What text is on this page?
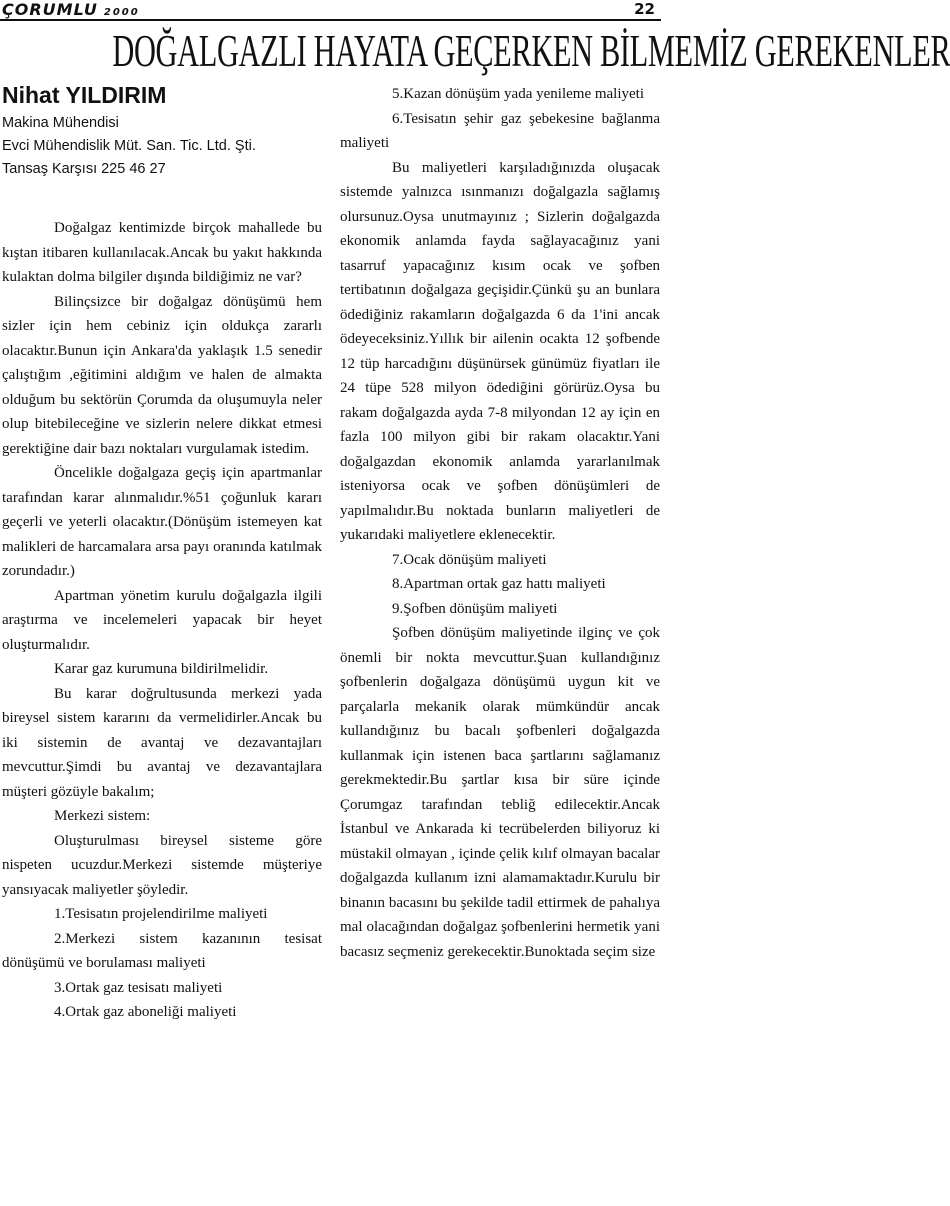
ÇORUMLU 2000	22
DOĞALGAZLI HAYATA GEÇERKEN BİLMEMİZ GEREKENLER

Nihat YILDIRIM

Makina Mühendisi

Evci Mühendislik Müt. San. Tic. Ltd. Şti.

Tansaş Karşısı 225 46 27

Doğalgaz kentimizde birçok mahallede bu kıştan itibaren kullanılacak.Ancak bu yakıt hakkında kulaktan dolma bilgiler dışında bildiğimiz ne var?

Bilinçsizce bir doğalgaz dönüşümü hem sizler için hem cebiniz için oldukça zararlı olacaktır.Bunun için Ankara'da yaklaşık 1.5 senedir çalıştığım ,eğitimini aldığım ve halen de almakta olduğum bu sektörün Çorumda da oluşumuyla neler olup bitebileceğine ve sizlerin nelere dikkat etmesi gerektiğine dair bazı noktaları vurgulamak istedim.

Öncelikle doğalgaza geçiş için apartmanlar tarafından karar alınmalıdır.%51 çoğunluk kararı geçerli ve yeterli olacaktır.(Dönüşüm istemeyen kat malikleri de harcamalara arsa payı oranında katılmak zorundadır.)

Apartman yönetim kurulu doğalgazla ilgili araştırma ve incelemeleri yapacak bir heyet oluşturmalıdır.

Karar gaz kurumuna bildirilmelidir.

Bu karar doğrultusunda merkezi yada bireysel sistem kararını da vermelidirler.Ancak bu iki sistemin de avantaj ve dezavantajları mevcuttur.Şimdi bu avantaj ve dezavantajlara müşteri gözüyle bakalım;

Merkezi sistem:

Oluşturulması bireysel sisteme göre nispeten ucuzdur.Merkezi sistemde müşteriye yansıyacak maliyetler şöyledir.

1.Tesisatın projelendirilme maliyeti

2.Merkezi sistem kazanının tesisat dönüşümü ve borulaması maliyeti

3.Ortak gaz tesisatı maliyeti

4.Ortak gaz aboneliği maliyeti

5.Kazan dönüşüm yada yenileme maliyeti

6.Tesisatın şehir gaz şebekesine bağlanma maliyeti

Bu maliyetleri karşıladığınızda oluşacak sistemde yalnızca ısınmanızı doğalgazla sağlamış olursunuz.Oysa unutmayınız ; Sizlerin doğalgazda ekonomik anlamda fayda sağlayacağınız yani tasarruf yapacağınız kısım ocak ve şofben tertibatının doğalgaza geçişidir.Çünkü şu an bunlara ödediğiniz rakamların doğalgazda 6 da 1'ini ancak ödeyeceksiniz.Yıllık bir ailenin ocakta 12 şofbende 12 tüp harcadığını düşünürsek günümüz fiyatları ile 24 tüpe 528 milyon ödediğini görürüz.Oysa bu rakam doğalgazda ayda 7-8 milyondan 12 ay için en fazla 100 milyon gibi bir rakam olacaktır.Yani doğalgazdan ekonomik anlamda yararlanılmak isteniyorsa ocak ve şofben dönüşümleri de yapılmalıdır.Bu noktada bunların maliyetleri de yukarıdaki maliyetlere eklenecektir.

7.Ocak dönüşüm maliyeti

8.Apartman ortak gaz hattı maliyeti

9.Şofben dönüşüm maliyeti

Şofben dönüşüm maliyetinde ilginç ve çok önemli bir nokta mevcuttur.Şuan kullandığınız şofbenlerin doğalgaza dönüşümü uygun kit ve parçalarla mekanik olarak mümkündür ancak kullandığınız bu bacalı şofbenleri doğalgazda kullanmak için istenen baca şartlarını sağlamanız gerekmektedir.Bu şartlar kısa bir süre içinde Çorumgaz tarafından tebliğ edilecektir.Ancak İstanbul ve Ankarada ki tecrübelerden biliyoruz ki müstakil olmayan , içinde çelik kılıf olmayan bacalar doğalgazda kullanım izni alamamaktadır.Kurulu bir binanın bacasını bu şekilde tadil ettirmek de pahalıya mal olacağından doğalgaz şofbenlerini hermetik yani bacasız seçmeniz gerekecektir.Bunoktada seçim size
